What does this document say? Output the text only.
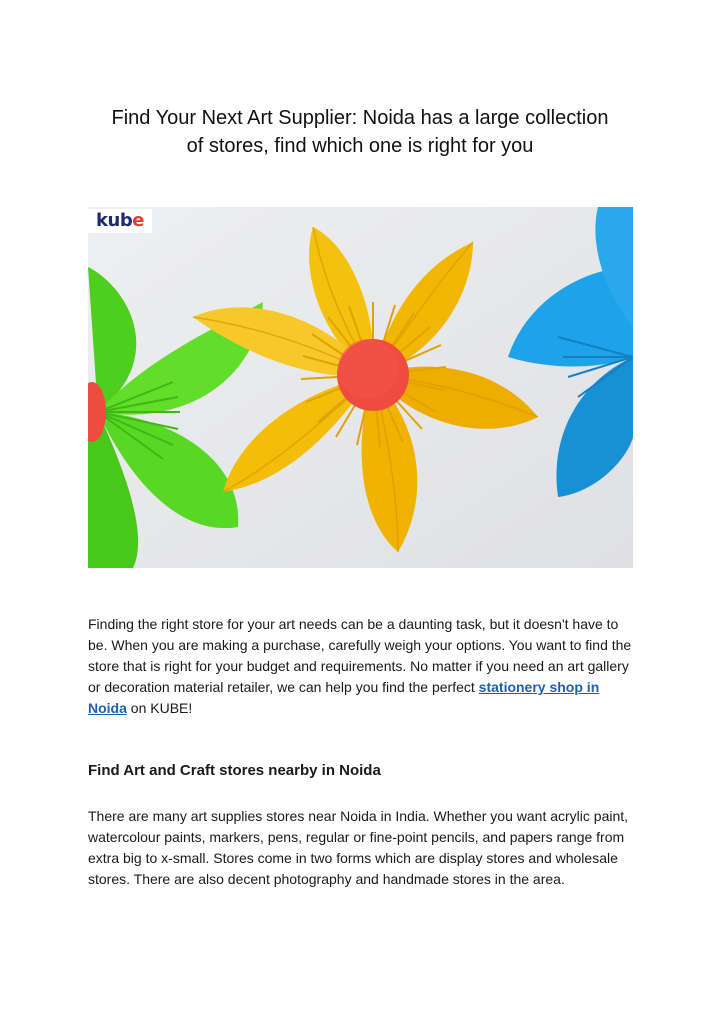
Find Your Next Art Supplier: Noida has a large collection
of stores, find which one is right for you
kube

Finding the right store for your art needs can be a daunting task, but it doesn't have to be. When you are making a purchase, carefully weigh your options. You want to find the store that is right for your budget and requirements. No matter if you need an art gallery or decoration material retailer, we can help you find the perfect stationery shop in Noida on KUBE!

Find Art and Craft stores nearby in Noida

There are many art supplies stores near Noida in India. Whether you want acrylic paint, watercolour paints, markers, pens, regular or fine-point pencils, and papers range from extra big to x-small. Stores come in two forms which are display stores and wholesale stores. There are also decent photography and handmade stores in the area.
